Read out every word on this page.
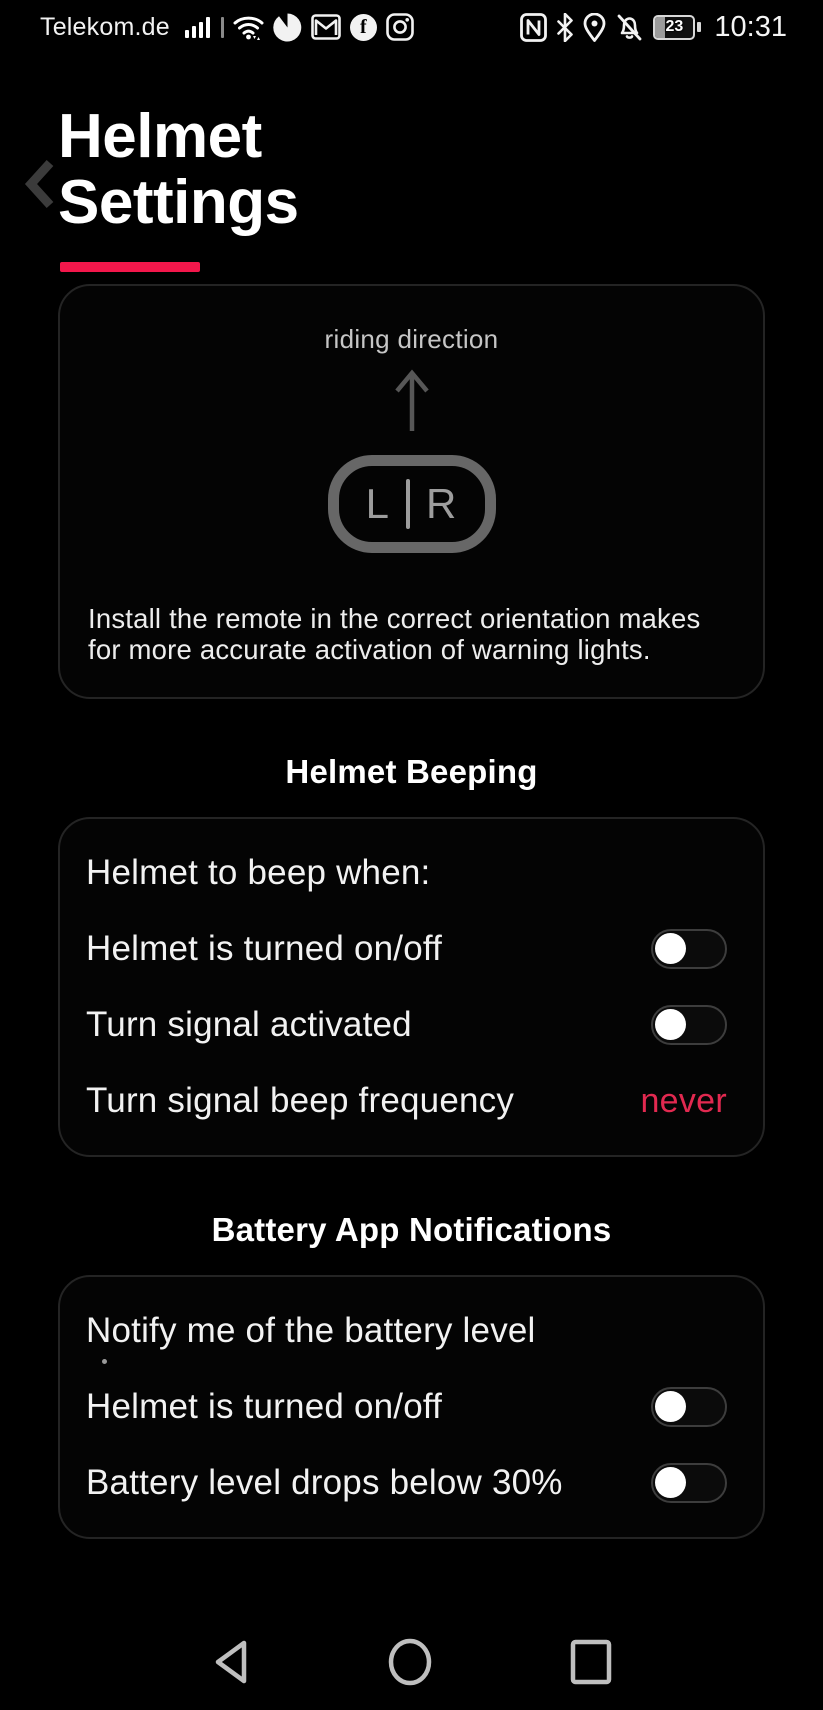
Telekom.de	f	23 10:31
Helmet Settings
riding direction
L R

Install the remote in the correct orientation makes for more accurate activation of warning lights.

Helmet Beeping
Helmet to beep when:
Helmet is turned on/off
Turn signal activated
Turn signal beep frequency	never
Battery App Notifications
Notify me of the battery level
Helmet is turned on/off
Battery level drops below 30%
